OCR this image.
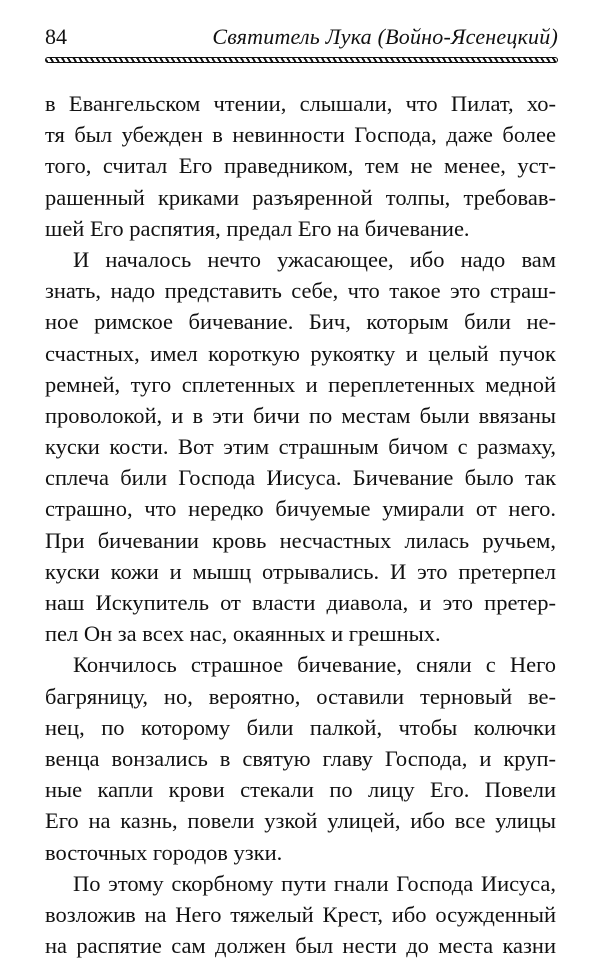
84	Святитель Лука (Войно-Ясенецкий)
в Евангельском чтении, слышали, что Пилат, хо-
тя был убежден в невинности Господа, даже более
того, считал Его праведником, тем не менее, уст-
рашенный криками разъяренной толпы, требовав-
шей Его распятия, предал Его на бичевание.
И началось нечто ужасающее, ибо надо вам
знать, надо представить себе, что такое это страш-
ное римское бичевание. Бич, которым били не-
счастных, имел короткую рукоятку и целый пучок
ремней, туго сплетенных и переплетенных медной
проволокой, и в эти бичи по местам были ввязаны
куски кости. Вот этим страшным бичом с размаху,
сплеча били Господа Иисуса. Бичевание было так
страшно, что нередко бичуемые умирали от него.
При бичевании кровь несчастных лилась ручьем,
куски кожи и мышц отрывались. И это претерпел
наш Искупитель от власти диавола, и это претер-
пел Он за всех нас, окаянных и грешных.
Кончилось страшное бичевание, сняли с Него
багряницу, но, вероятно, оставили терновый ве-
нец, по которому били палкой, чтобы колючки
венца вонзались в святую главу Господа, и круп-
ные капли крови стекали по лицу Его. Повели
Его на казнь, повели узкой улицей, ибо все улицы
восточных городов узки.
По этому скорбному пути гнали Господа Иисуса,
возложив на Него тяжелый Крест, ибо осужденный
на распятие сам должен был нести до места казни
